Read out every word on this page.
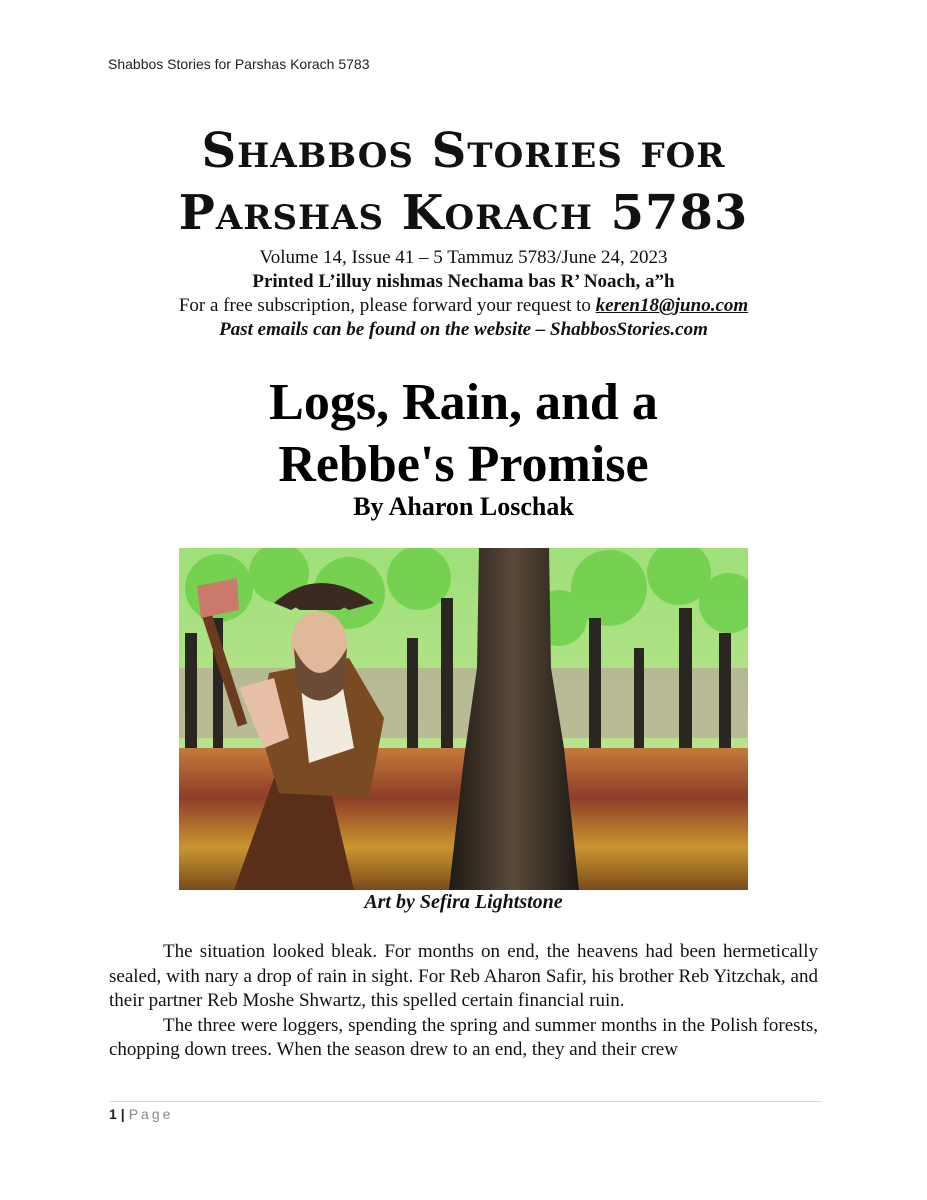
Shabbos Stories for Parshas Korach 5783
Shabbos Stories for
Parshas Korach 5783
Volume 14, Issue 41 – 5 Tammuz 5783/June 24, 2023
Printed L’illuy nishmas Nechama bas R’ Noach, a”h
For a free subscription, please forward your request to keren18@juno.com
Past emails can be found on the website – ShabbosStories.com
Logs, Rain, and a
Rebbe's Promise
By Aharon Loschak
Art by Sefira Lightstone

The situation looked bleak. For months on end, the heavens had been hermetically sealed, with nary a drop of rain in sight. For Reb Aharon Safir, his brother Reb Yitzchak, and their partner Reb Moshe Shwartz, this spelled certain financial ruin.

The three were loggers, spending the spring and summer months in the Polish forests, chopping down trees. When the season drew to an end, they and their crew

1 | Page
